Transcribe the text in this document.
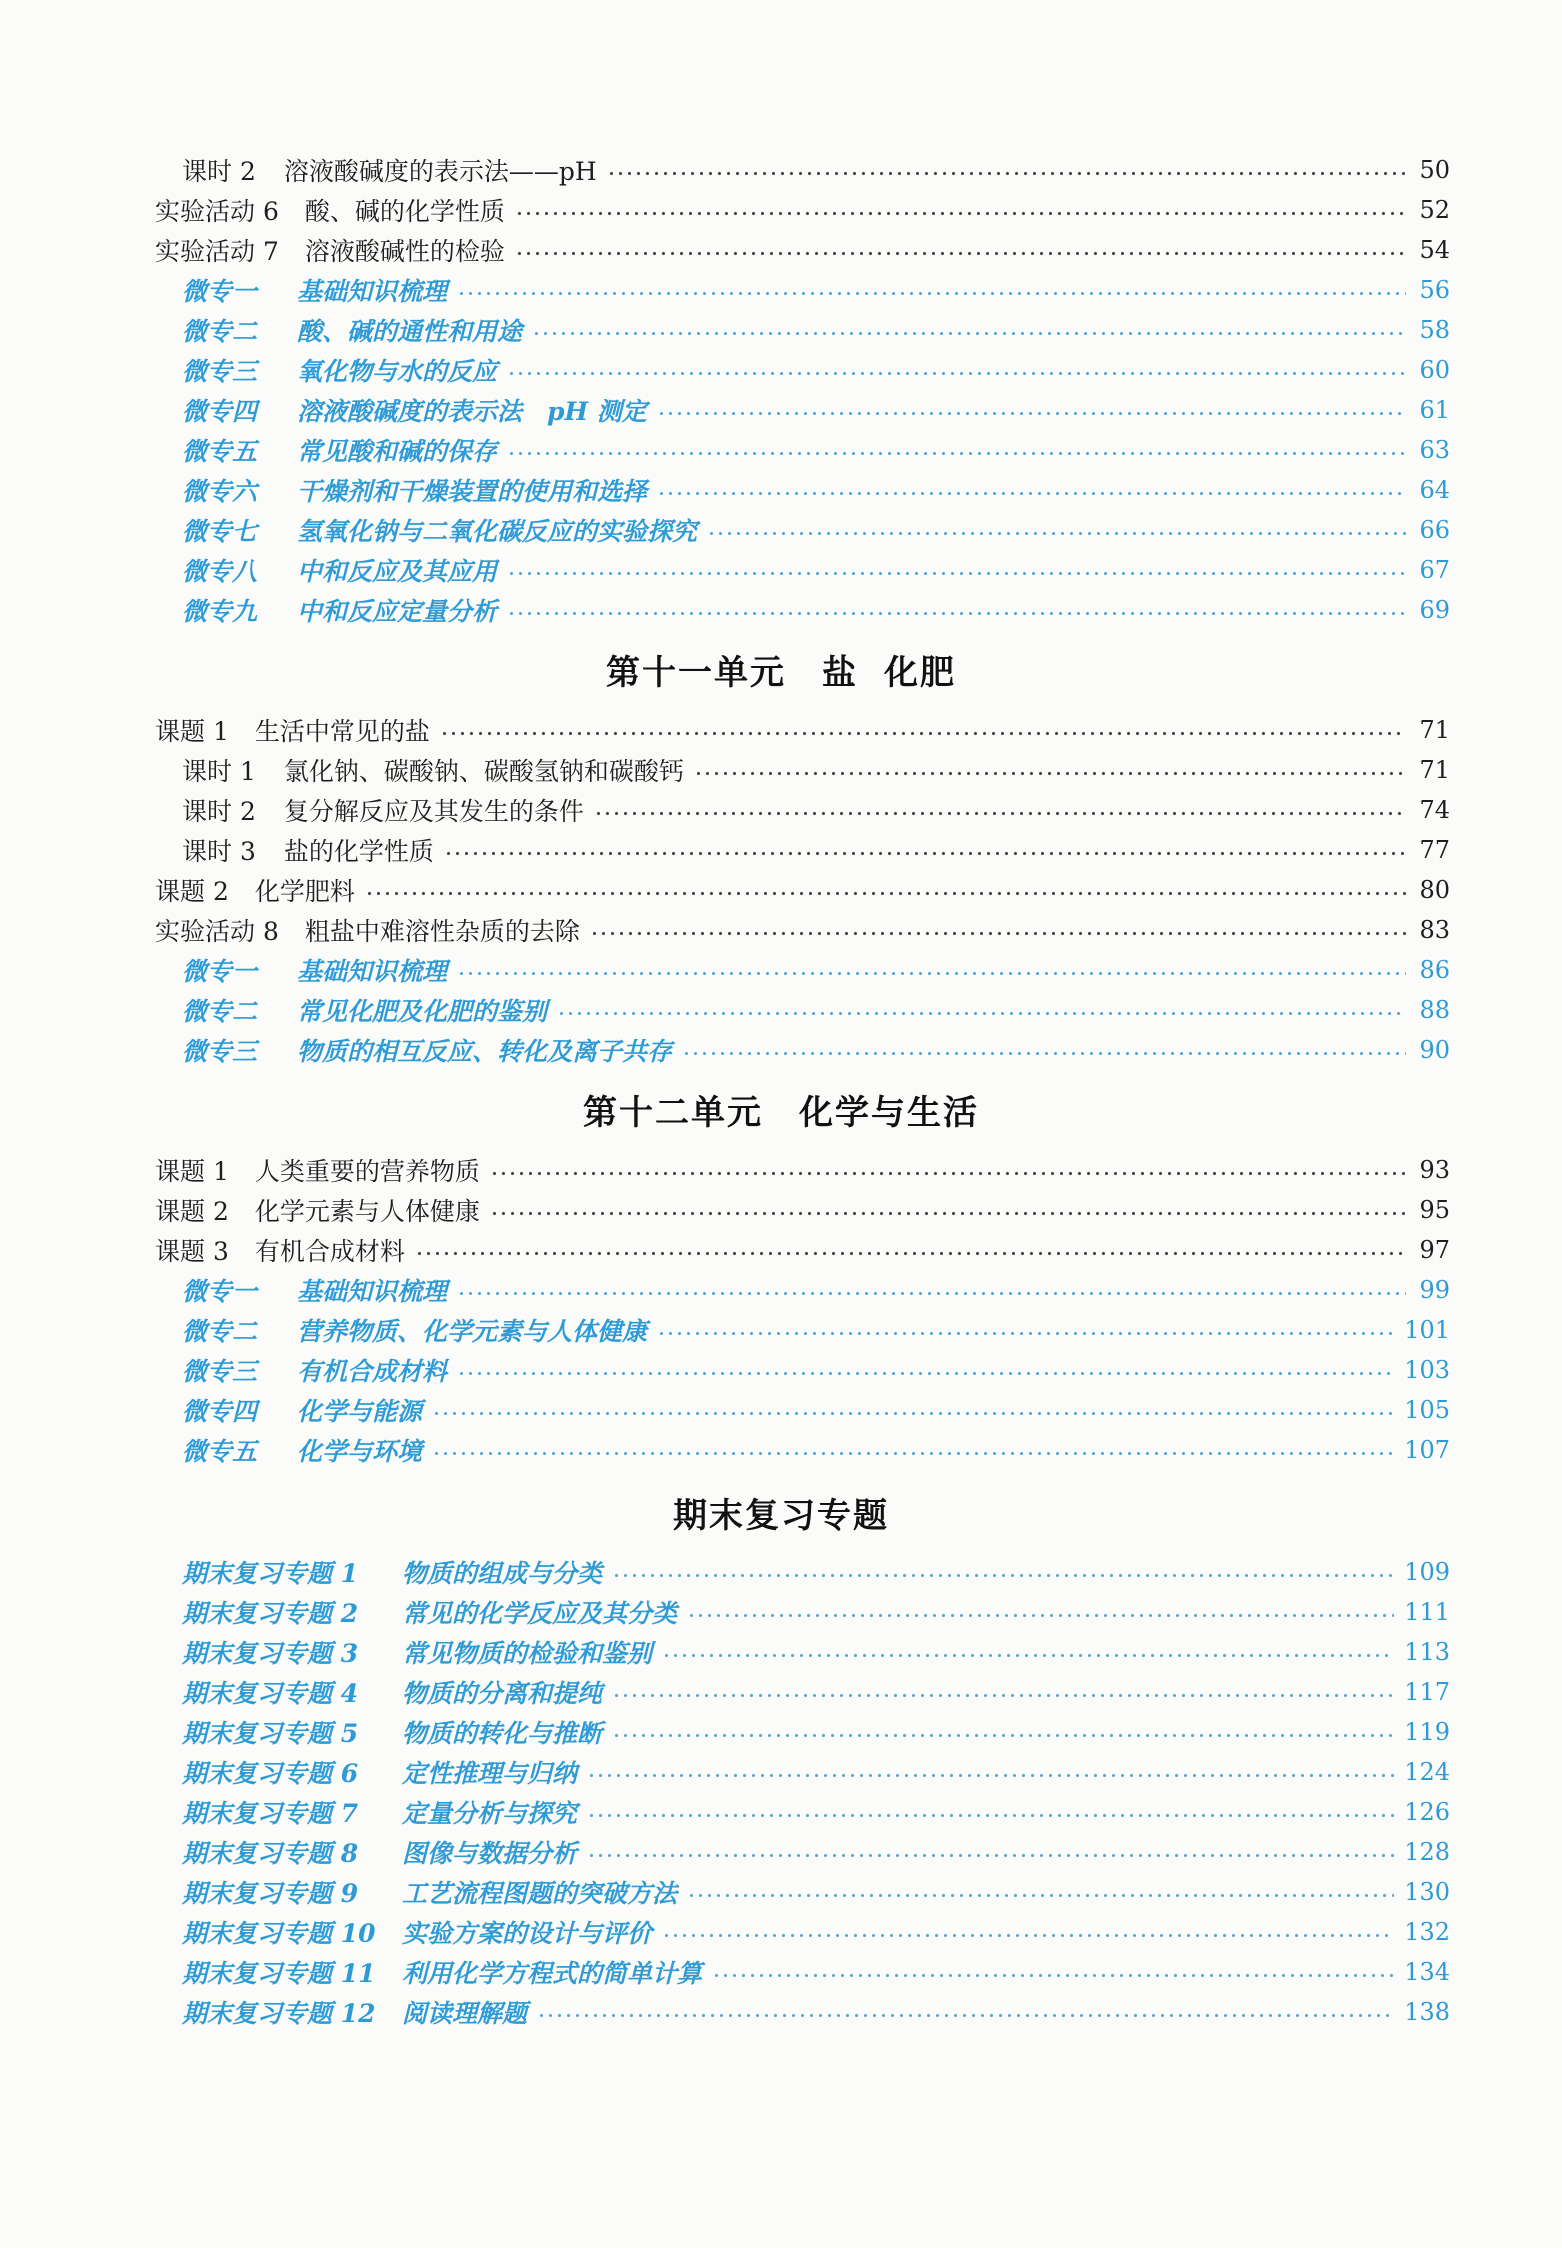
课时 2 溶液酸碱度的表示法——pH	50
实验活动 6 酸、碱的化学性质	52
实验活动 7 溶液酸碱性的检验	54
微专一	基础知识梳理	56
微专二	酸、碱的通性和用途	58
微专三	氧化物与水的反应	60
微专四	溶液酸碱度的表示法　pH 测定	61
微专五	常见酸和碱的保存	63
微专六	干燥剂和干燥装置的使用和选择	64
微专七	氢氧化钠与二氧化碳反应的实验探究	66
微专八	中和反应及其应用	67
微专九	中和反应定量分析	69
第十一单元 盐 化肥
课题 1 生活中常见的盐	71
课时 1 氯化钠、碳酸钠、碳酸氢钠和碳酸钙	71
课时 2 复分解反应及其发生的条件	74
课时 3 盐的化学性质	77
课题 2 化学肥料	80
实验活动 8 粗盐中难溶性杂质的去除	83
微专一	基础知识梳理	86
微专二	常见化肥及化肥的鉴别	88
微专三	物质的相互反应、转化及离子共存	90
第十二单元 化学与生活
课题 1 人类重要的营养物质	93
课题 2 化学元素与人体健康	95
课题 3 有机合成材料	97
微专一	基础知识梳理	99
微专二	营养物质、化学元素与人体健康	101
微专三	有机合成材料	103
微专四	化学与能源	105
微专五	化学与环境	107
期末复习专题
期末复习专题 1	物质的组成与分类	109
期末复习专题 2	常见的化学反应及其分类	111
期末复习专题 3	常见物质的检验和鉴别	113
期末复习专题 4	物质的分离和提纯	117
期末复习专题 5	物质的转化与推断	119
期末复习专题 6	定性推理与归纳	124
期末复习专题 7	定量分析与探究	126
期末复习专题 8	图像与数据分析	128
期末复习专题 9	工艺流程图题的突破方法	130
期末复习专题 10	实验方案的设计与评价	132
期末复习专题 11	利用化学方程式的简单计算	134
期末复习专题 12	阅读理解题	138
